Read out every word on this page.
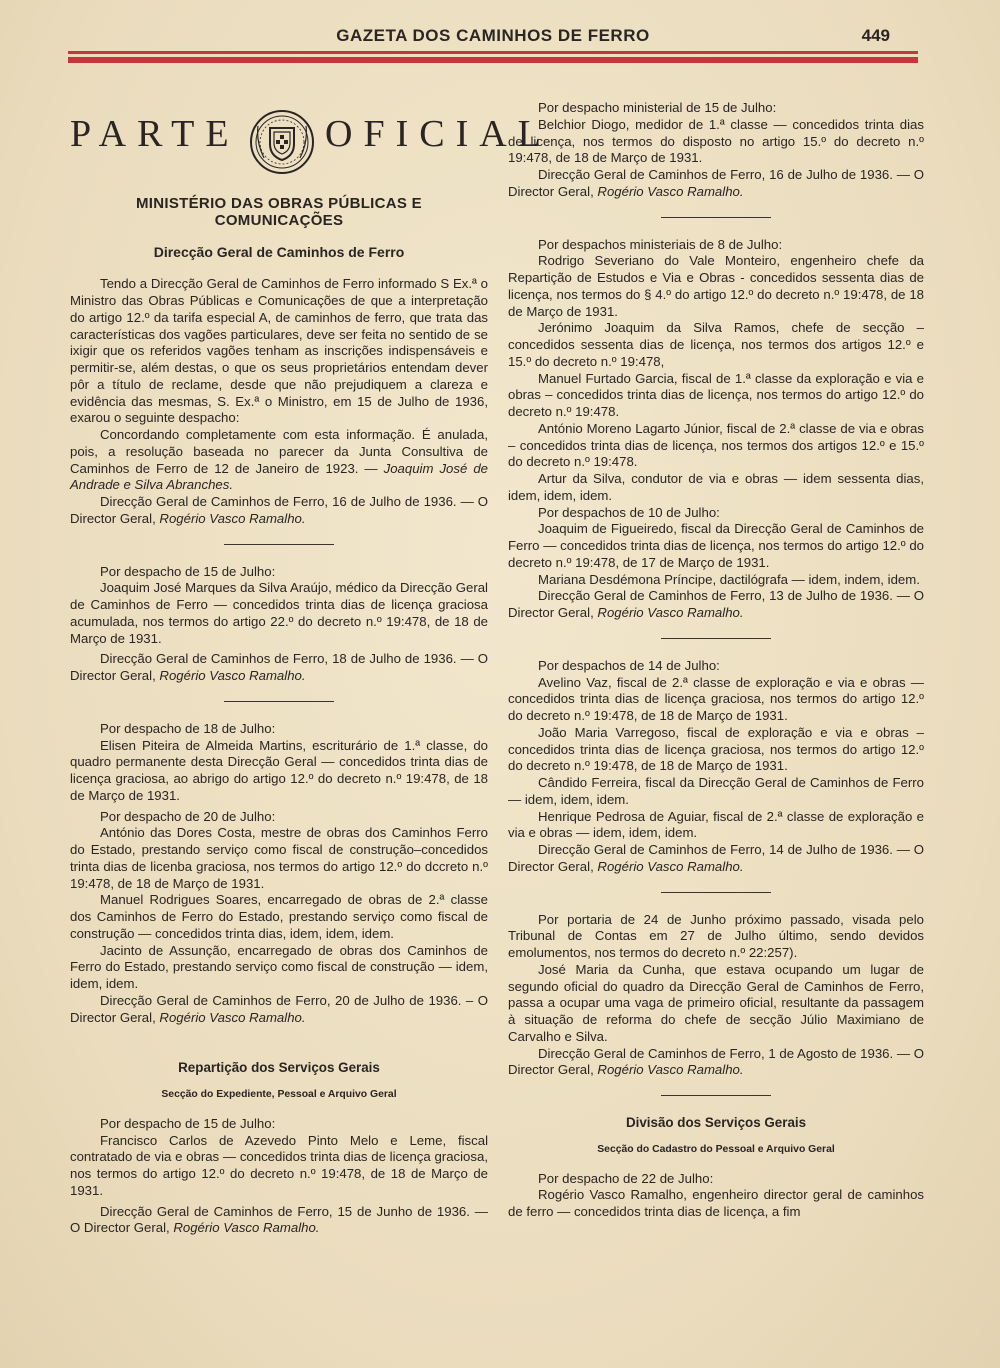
GAZETA DOS CAMINHOS DE FERRO	449
PARTE OFICIAL
MINISTÉRIO DAS OBRAS PÚBLICAS E COMUNICAÇÕES
Direcção Geral de Caminhos de Ferro

Tendo a Direcção Geral de Caminhos de Ferro informado S Ex.ª o Ministro das Obras Públicas e Comunicações de que a interpretação do artigo 12.º da tarifa especial A, de caminhos de ferro, que trata das características dos vagões particulares, deve ser feita no sentido de se ixigir que os referidos vagões tenham as inscrições indispensáveis e permitir-se, além destas, o que os seus proprietários entendam dever pôr a título de reclame, desde que não prejudiquem a clareza e evidência das mesmas, S. Ex.ª o Ministro, em 15 de Julho de 1936, exarou o seguinte despacho:

Concordando completamente com esta informação. É anulada, pois, a resolução baseada no parecer da Junta Consultiva de Caminhos de Ferro de 12 de Janeiro de 1923. — Joaquim José de Andrade e Silva Abranches.

Direcção Geral de Caminhos de Ferro, 16 de Julho de 1936. — O Director Geral, Rogério Vasco Ramalho.

Por despacho de 15 de Julho:

Joaquim José Marques da Silva Araújo, médico da Direcção Geral de Caminhos de Ferro — concedidos trinta dias de licença graciosa acumulada, nos termos do artigo 22.º do decreto n.º 19:478, de 18 de Março de 1931.

Direcção Geral de Caminhos de Ferro, 18 de Julho de 1936. — O Director Geral, Rogério Vasco Ramalho.

Por despacho de 18 de Julho:

Elisen Piteira de Almeida Martins, escriturário de 1.ª classe, do quadro permanente desta Direcção Geral — concedidos trinta dias de licença graciosa, ao abrigo do artigo 12.º do decreto n.º 19:478, de 18 de Março de 1931.

Por despacho de 20 de Julho:

António das Dores Costa, mestre de obras dos Caminhos Ferro do Estado, prestando serviço como fiscal de construção–concedidos trinta dias de licenba graciosa, nos termos do artigo 12.º do dccreto n.º 19:478, de 18 de Março de 1931.

Manuel Rodrigues Soares, encarregado de obras de 2.ª classe dos Caminhos de Ferro do Estado, prestando serviço como fiscal de construção — concedidos trinta dias, idem, idem, idem.

Jacinto de Assunção, encarregado de obras dos Caminhos de Ferro do Estado, prestando serviço como fiscal de construção — idem, idem, idem.

Direcção Geral de Caminhos de Ferro, 20 de Julho de 1936. – O Director Geral, Rogério Vasco Ramalho.

Repartição dos Serviços Gerais
Secção do Expediente, Pessoal e Arquivo Geral

Por despacho de 15 de Julho:

Francisco Carlos de Azevedo Pinto Melo e Leme, fiscal contratado de via e obras — concedidos trinta dias de licença graciosa, nos termos do artigo 12.º do decreto n.º 19:478, de 18 de Março de 1931.

Direcção Geral de Caminhos de Ferro, 15 de Junho de 1936. — O Director Geral, Rogério Vasco Ramalho.

Por despacho ministerial de 15 de Julho:

Belchior Diogo, medidor de 1.ª classe — concedidos trinta dias de licença, nos termos do disposto no artigo 15.º do decreto n.º 19:478, de 18 de Março de 1931.

Direcção Geral de Caminhos de Ferro, 16 de Julho de 1936. — O Director Geral, Rogério Vasco Ramalho.

Por despachos ministeriais de 8 de Julho:

Rodrigo Severiano do Vale Monteiro, engenheiro chefe da Repartição de Estudos e Via e Obras - concedidos sessenta dias de licença, nos termos do § 4.º do artigo 12.º do decreto n.º 19:478, de 18 de Março de 1931.

Jerónimo Joaquim da Silva Ramos, chefe de secção – concedidos sessenta dias de licença, nos termos dos artigos 12.º e 15.º do decreto n.º 19:478,

Manuel Furtado Garcia, fiscal de 1.ª classe da exploração e via e obras – concedidos trinta dias de licença, nos termos do artigo 12.º do decreto n.º 19:478.

António Moreno Lagarto Júnior, fiscal de 2.ª classe de via e obras – concedidos trinta dias de licença, nos termos dos artigos 12.º e 15.º do decreto n.º 19:478.

Artur da Silva, condutor de via e obras — idem sessenta dias, idem, idem, idem.

Por despachos de 10 de Julho:

Joaquim de Figueiredo, fiscal da Direcção Geral de Caminhos de Ferro — concedidos trinta dias de licença, nos termos do artigo 12.º do decreto n.º 19:478, de 17 de Março de 1931.

Mariana Desdémona Príncipe, dactilógrafa — idem, indem, idem.

Direcção Geral de Caminhos de Ferro, 13 de Julho de 1936. — O Director Geral, Rogério Vasco Ramalho.

Por despachos de 14 de Julho:

Avelino Vaz, fiscal de 2.ª classe de exploração e via e obras — concedidos trinta dias de licença graciosa, nos termos do artigo 12.º do decreto n.º 19:478, de 18 de Março de 1931.

João Maria Varregoso, fiscal de exploração e via e obras – concedidos trinta dias de licença graciosa, nos termos do artigo 12.º do decreto n.º 19:478, de 18 de Março de 1931.

Cândido Ferreira, fiscal da Direcção Geral de Caminhos de Ferro — idem, idem, idem.

Henrique Pedrosa de Aguiar, fiscal de 2.ª classe de exploração e via e obras — idem, idem, idem.

Direcção Geral de Caminhos de Ferro, 14 de Julho de 1936. — O Director Geral, Rogério Vasco Ramalho.

Por portaria de 24 de Junho próximo passado, visada pelo Tribunal de Contas em 27 de Julho último, sendo devidos emolumentos, nos termos do decreto n.º 22:257).

José Maria da Cunha, que estava ocupando um lugar de segundo oficial do quadro da Direcção Geral de Caminhos de Ferro, passa a ocupar uma vaga de primeiro oficial, resultante da passagem à situação de reforma do chefe de secção Júlio Maximiano de Carvalho e Silva.

Direcção Geral de Caminhos de Ferro, 1 de Agosto de 1936. — O Director Geral, Rogério Vasco Ramalho.

Divisão dos Serviços Gerais
Secção do Cadastro do Pessoal e Arquivo Geral

Por despacho de 22 de Julho:

Rogério Vasco Ramalho, engenheiro director geral de caminhos de ferro — concedidos trinta dias de licença, a fim
